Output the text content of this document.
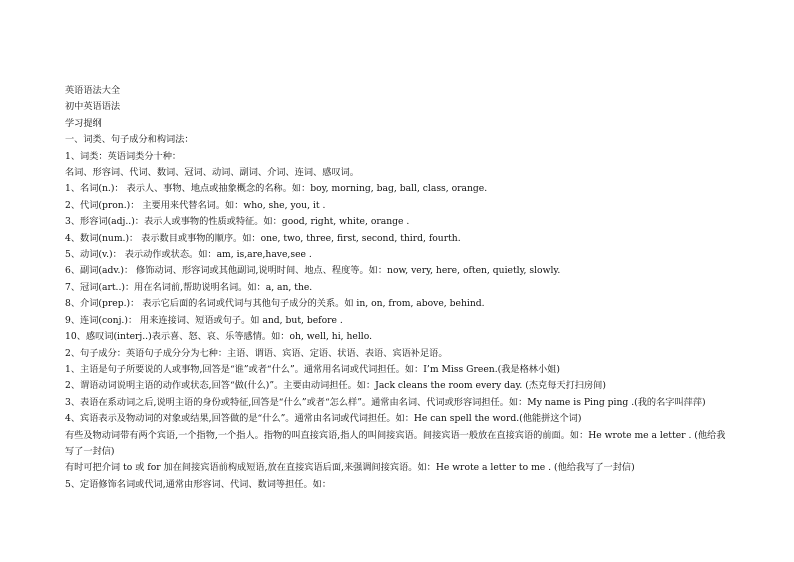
英语语法大全
初中英语语法
学习提纲
一、词类、句子成分和构词法：
1、词类：英语词类分十种：
名词、形容词、代词、数词、冠词、动词、副词、介词、连词、感叹词。
1、名词(n.)： 表示人、事物、地点或抽象概念的名称。如：boy, morning, bag, ball, class, orange.
2、代词(pron.)： 主要用来代替名词。如：who, she, you, it .
3、形容词(adj..)：表示人或事物的性质或特征。如：good, right, white, orange .
4、数词(num.)： 表示数目或事物的顺序。如：one, two, three, first, second, third, fourth.
5、动词(v.)： 表示动作或状态。如：am, is,are,have,see .
6、副词(adv.)： 修饰动词、形容词或其他副词,说明时间、地点、程度等。如：now, very, here, often, quietly, slowly.
7、冠词(art..)：用在名词前,帮助说明名词。如：a, an, the.
8、介词(prep.)： 表示它后面的名词或代词与其他句子成分的关系。如 in, on, from, above, behind.
9、连词(conj.)： 用来连接词、短语或句子。如 and, but, before .
10、感叹词(interj..)表示喜、怒、哀、乐等感情。如：oh, well, hi, hello.
2、句子成分：英语句子成分分为七种：主语、谓语、宾语、定语、状语、表语、宾语补足语。
1、主语是句子所要说的人或事物,回答是“谁”或者“什么”。通常用名词或代词担任。如：I’m Miss Green.(我是格林小姐)
2、谓语动词说明主语的动作或状态,回答“做(什么)”。主要由动词担任。如：Jack cleans the room every day. (杰克每天打扫房间)
3、表语在系动词之后,说明主语的身份或特征,回答是“什么”或者“怎么样”。通常由名词、代词或形容词担任。如：My name is Ping ping .(我的名字叫萍萍)
4、宾语表示及物动词的对象或结果,回答做的是“什么”。通常由名词或代词担任。如：He can spell the word.(他能拼这个词)
有些及物动词带有两个宾语,一个指物,一个指人。指物的叫直接宾语,指人的叫间接宾语。间接宾语一般放在直接宾语的前面。如：He wrote me a letter . (他给我写了一封信)
有时可把介词 to 或 for 加在间接宾语前构成短语,放在直接宾语后面,来强调间接宾语。如：He wrote a letter to me . (他给我写了一封信)
5、定语修饰名词或代词,通常由形容词、代词、数词等担任。如：
